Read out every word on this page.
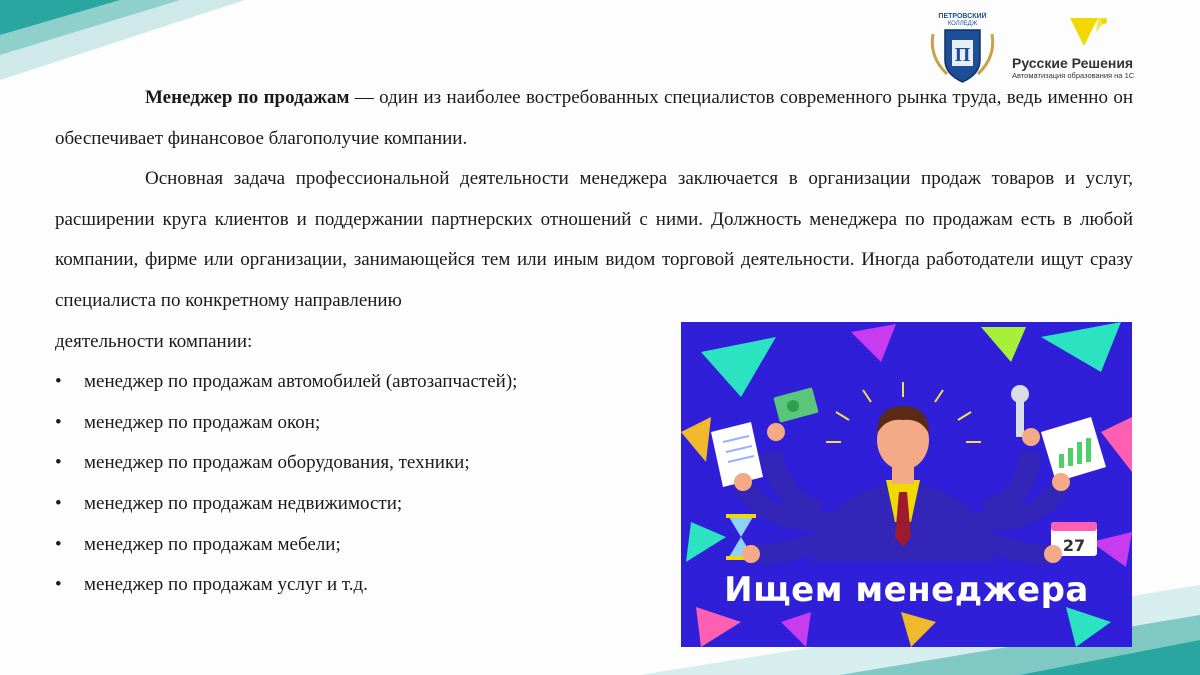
ПЕТРОВСКИЙ
КОЛЛЕДЖ
П	Русские Решения
Автоматизация образования на 1С

Менеджер по продажам — один из наиболее востребованных специалистов современного рынка труда, ведь именно он обеспечивает финансовое благополучие компании.

Основная задача профессиональной деятельности менеджера заключается в организации продаж товаров и услуг, расширении круга клиентов и поддержании партнерских отношений с ними. Должность менеджера по продажам есть в любой компании, фирме или организации, занимающейся тем или иным видом торговой деятельности. Иногда работодатели ищут сразу специалиста по конкретному направлению

деятельности компании:

• менеджер по продажам автомобилей (автозапчастей);
• менеджер по продажам окон;
• менеджер по продажам оборудования, техники;
• менеджер по продажам недвижимости;
• менеджер по продажам мебели;
• менеджер по продажам услуг и т.д.
27
Ищем менеджера
